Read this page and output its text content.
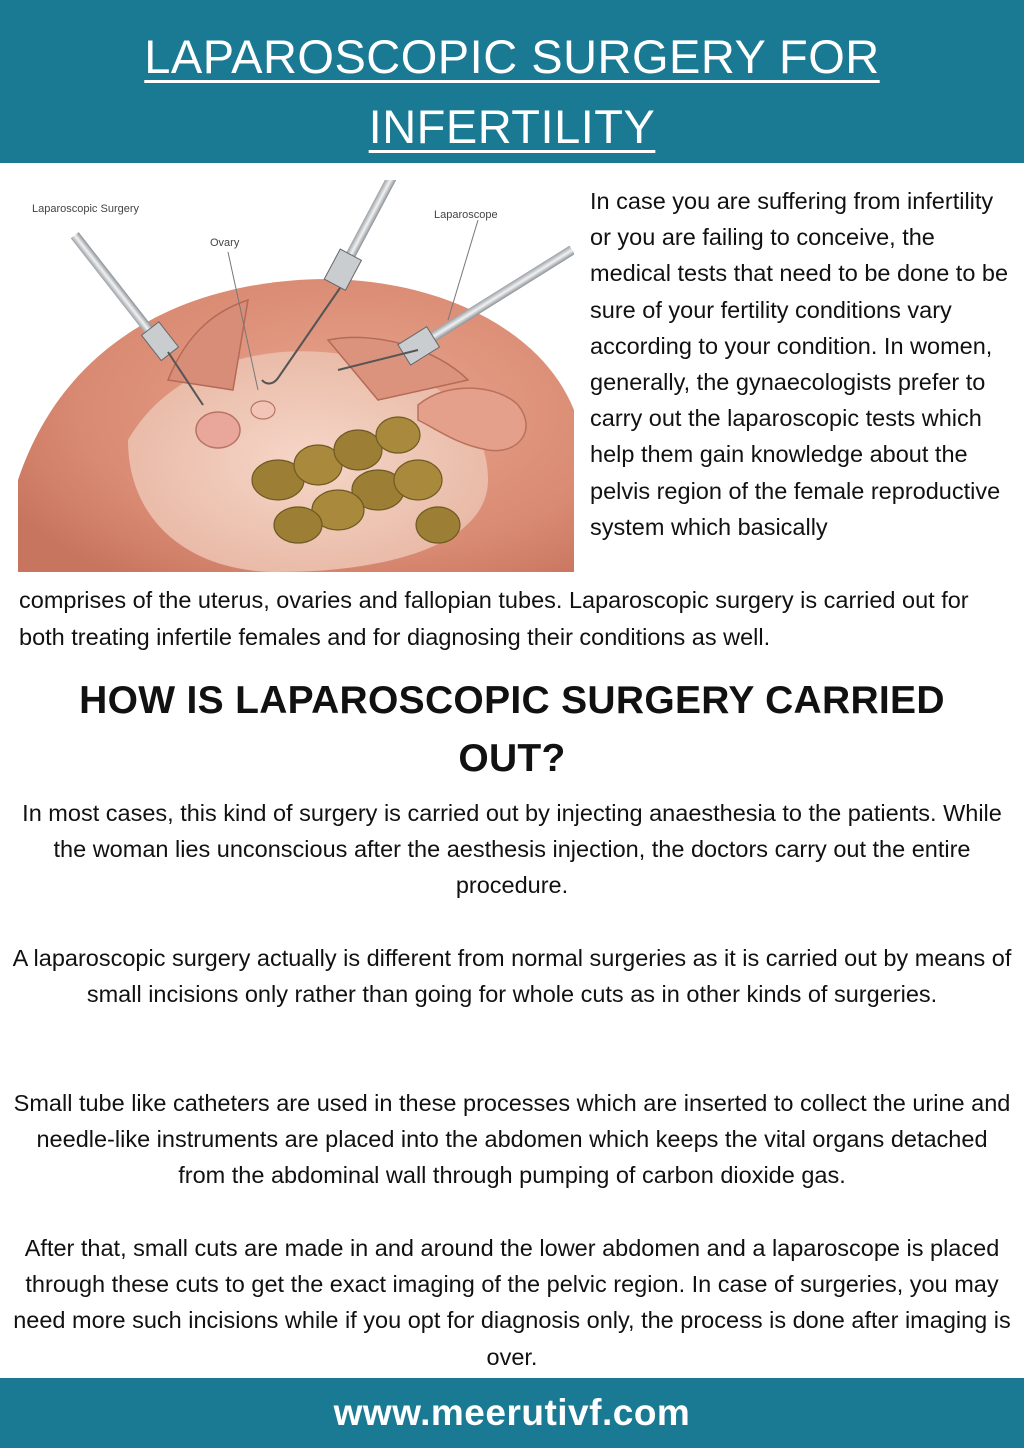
LAPAROSCOPIC SURGERY FOR INFERTILITY
Laparoscopic Surgery
Ovary
Laparoscope
In case you are suffering from infertility or you are failing to conceive, the medical tests that need to be done to be sure of your fertility conditions vary according to your condition. In women, generally, the gynaecologists prefer to carry out the laparoscopic tests which help them gain knowledge about the pelvis region of the female reproductive system which basically
comprises of the uterus, ovaries and fallopian tubes. Laparoscopic surgery is carried out for both treating infertile females and for diagnosing their conditions as well.
HOW IS LAPAROSCOPIC SURGERY CARRIED OUT?

In most cases, this kind of surgery is carried out by injecting anaesthesia to the patients. While the woman lies unconscious after the aesthesis injection, the doctors carry out the entire procedure.

A laparoscopic surgery actually is different from normal surgeries as it is carried out by means of small incisions only rather than going for whole cuts as in other kinds of surgeries.

Small tube like catheters are used in these processes which are inserted to collect the urine and needle-like instruments are placed into the abdomen which keeps the vital organs detached from the abdominal wall through pumping of carbon dioxide gas.

After that, small cuts are made in and around the lower abdomen and a laparoscope is placed through these cuts to get the exact imaging of the pelvic region. In case of surgeries, you may need more such incisions while if you opt for diagnosis only, the process is done after imaging is over.

www.meerutivf.com
